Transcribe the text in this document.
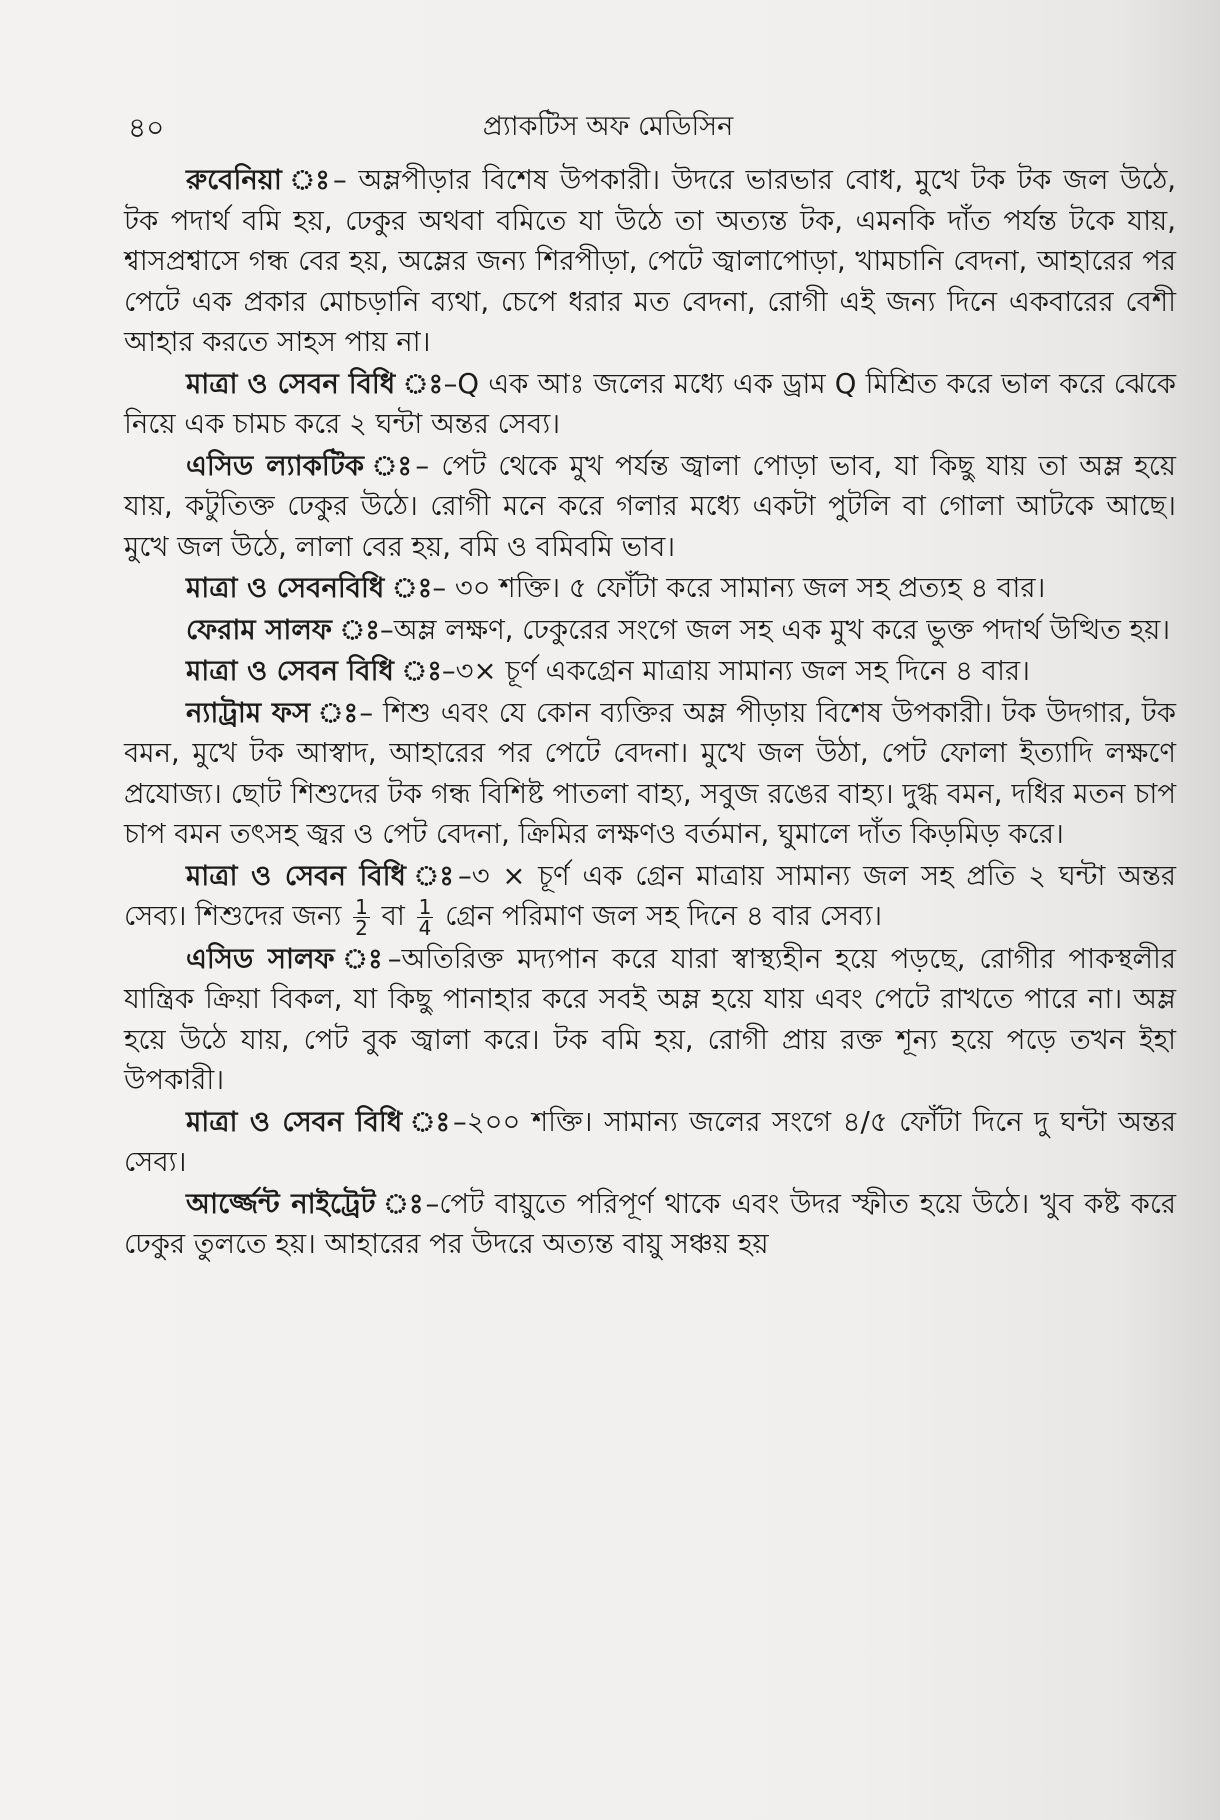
৪০	প্র্যাকটিস অফ মেডিসিন

রুবেনিয়া ঃ– অম্লপীড়ার বিশেষ উপকারী। উদরে ভারভার বোধ, মুখে টক টক জল উঠে, টক পদার্থ বমি হয়, ঢেকুর অথবা বমিতে যা উঠে তা অত্যন্ত টক, এমনকি দাঁত পর্যন্ত টকে যায়, শ্বাসপ্রশ্বাসে গন্ধ বের হয়, অম্লের জন্য শিরপীড়া, পেটে জ্বালাপোড়া, খামচানি বেদনা, আহারের পর পেটে এক প্রকার মোচড়ানি ব্যথা, চেপে ধরার মত বেদনা, রোগী এই জন্য দিনে একবারের বেশী আহার করতে সাহস পায় না।

মাত্রা ও সেবন বিধি ঃ–Q এক আঃ জলের মধ্যে এক ড্রাম Q মিশ্রিত করে ভাল করে ঝেকে নিয়ে এক চামচ করে ২ ঘন্টা অন্তর সেব্য।

এসিড ল্যাকটিক ঃ– পেট থেকে মুখ পর্যন্ত জ্বালা পোড়া ভাব, যা কিছু যায় তা অম্ল হয়ে যায়, কটুতিক্ত ঢেকুর উঠে। রোগী মনে করে গলার মধ্যে একটা পুটলি বা গোলা আটকে আছে। মুখে জল উঠে, লালা বের হয়, বমি ও বমিবমি ভাব।

মাত্রা ও সেবনবিধি ঃ– ৩০ শক্তি। ৫ ফোঁটা করে সামান্য জল সহ প্রত্যহ ৪ বার।

ফেরাম সালফ ঃ–অম্ল লক্ষণ, ঢেকুরের সংগে জল সহ এক মুখ করে ভুক্ত পদার্থ উত্থিত হয়।

মাত্রা ও সেবন বিধি ঃ–৩× চূর্ণ একগ্রেন মাত্রায় সামান্য জল সহ দিনে ৪ বার।

ন্যাট্রাম ফস ঃ– শিশু এবং যে কোন ব্যক্তির অম্ল পীড়ায় বিশেষ উপকারী। টক উদগার, টক বমন, মুখে টক আস্বাদ, আহারের পর পেটে বেদনা। মুখে জল উঠা, পেট ফোলা ইত্যাদি লক্ষণে প্রযোজ্য। ছোট শিশুদের টক গন্ধ বিশিষ্ট পাতলা বাহ্য, সবুজ রঙের বাহ্য। দুগ্ধ বমন, দধির মতন চাপ চাপ বমন তৎসহ জ্বর ও পেট বেদনা, ক্রিমির লক্ষণও বর্তমান, ঘুমালে দাঁত কিড়মিড় করে।

মাত্রা ও সেবন বিধি ঃ–৩ × চূর্ণ এক গ্রেন মাত্রায় সামান্য জল সহ প্রতি ২ ঘন্টা অন্তর সেব্য। শিশুদের জন্য $\frac{1}{2}$ বা $\frac{1}{4}$ গ্রেন পরিমাণ জল সহ দিনে ৪ বার সেব্য।

এসিড সালফ ঃ–অতিরিক্ত মদ্যপান করে যারা স্বাস্থ্যহীন হয়ে পড়ছে, রোগীর পাকস্থলীর যান্ত্রিক ক্রিয়া বিকল, যা কিছু পানাহার করে সবই অম্ল হয়ে যায় এবং পেটে রাখতে পারে না। অম্ল হয়ে উঠে যায়, পেট বুক জ্বালা করে। টক বমি হয়, রোগী প্রায় রক্ত শূন্য হয়ে পড়ে তখন ইহা উপকারী।

মাত্রা ও সেবন বিধি ঃ–২০০ শক্তি। সামান্য জলের সংগে ৪/৫ ফোঁটা দিনে দু ঘন্টা অন্তর সেব্য।

আর্জ্জেন্ট নাইট্রেট ঃ–পেট বায়ুতে পরিপূর্ণ থাকে এবং উদর স্ফীত হয়ে উঠে। খুব কষ্ট করে ঢেকুর তুলতে হয়। আহারের পর উদরে অত্যন্ত বায়ু সঞ্চয় হয়
